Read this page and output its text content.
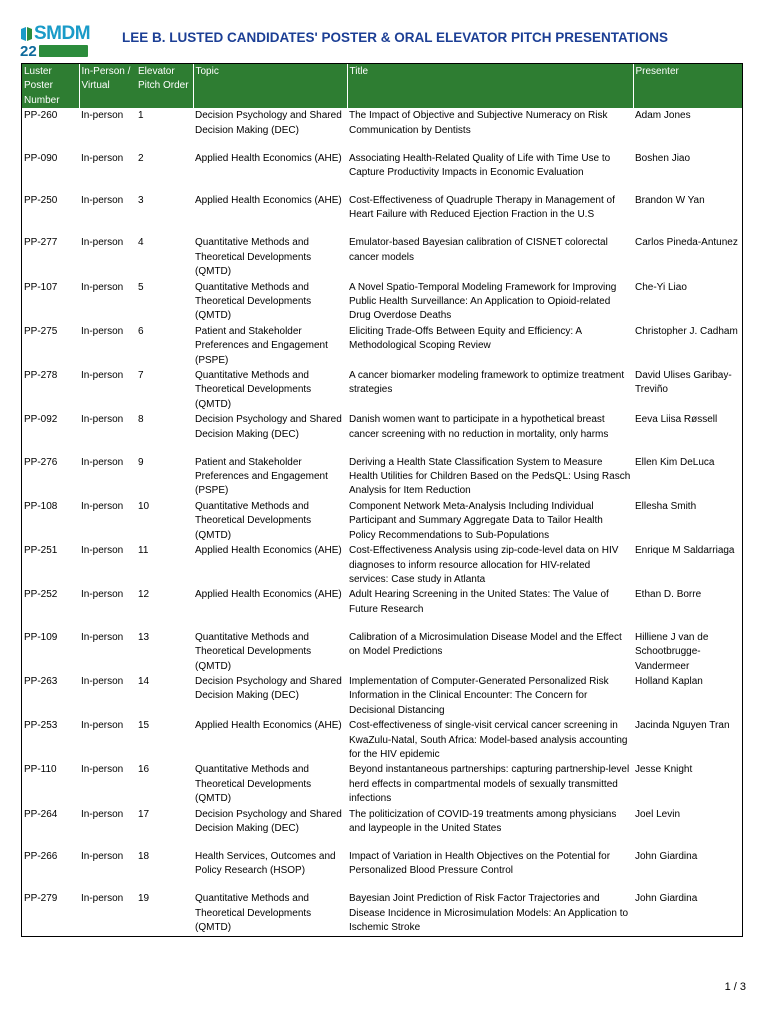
SMDM
22
LEE B. LUSTED CANDIDATES' POSTER & ORAL ELEVATOR PITCH PRESENTATIONS
Luster Poster Number	In-Person / Virtual	Elevator Pitch Order	Topic	Title	Presenter
PP-260	In-person	1	Decision Psychology and Shared Decision Making (DEC)	The Impact of Objective and Subjective Numeracy on Risk Communication by Dentists	Adam Jones
PP-090	In-person	2	Applied Health Economics (AHE)	Associating Health-Related Quality of Life with Time Use to Capture Productivity Impacts in Economic Evaluation	Boshen Jiao
PP-250	In-person	3	Applied Health Economics (AHE)	Cost-Effectiveness of Quadruple Therapy in Management of Heart Failure with Reduced Ejection Fraction in the U.S	Brandon W Yan
PP-277	In-person	4	Quantitative Methods and Theoretical Developments (QMTD)	Emulator-based Bayesian calibration of CISNET colorectal cancer models	Carlos Pineda-Antunez
PP-107	In-person	5	Quantitative Methods and Theoretical Developments (QMTD)	A Novel Spatio-Temporal Modeling Framework for Improving Public Health Surveillance: An Application to Opioid-related Drug Overdose Deaths	Che-Yi Liao
PP-275	In-person	6	Patient and Stakeholder Preferences and Engagement (PSPE)	Eliciting Trade-Offs Between Equity and Efficiency: A Methodological Scoping Review	Christopher J. Cadham
PP-278	In-person	7	Quantitative Methods and Theoretical Developments (QMTD)	A cancer biomarker modeling framework to optimize treatment strategies	David Ulises Garibay-Treviño
PP-092	In-person	8	Decision Psychology and Shared Decision Making (DEC)	Danish women want to participate in a hypothetical breast cancer screening with no reduction in mortality, only harms	Eeva Liisa Røssell
PP-276	In-person	9	Patient and Stakeholder Preferences and Engagement (PSPE)	Deriving a Health State Classification System to Measure Health Utilities for Children Based on the PedsQL: Using Rasch Analysis for Item Reduction	Ellen Kim DeLuca
PP-108	In-person	10	Quantitative Methods and Theoretical Developments (QMTD)	Component Network Meta-Analysis Including Individual Participant and Summary Aggregate Data to Tailor Health Policy Recommendations to Sub-Populations	Ellesha Smith
PP-251	In-person	11	Applied Health Economics (AHE)	Cost-Effectiveness Analysis using zip-code-level data on HIV diagnoses to inform resource allocation for HIV-related services: Case study in Atlanta	Enrique M Saldarriaga
PP-252	In-person	12	Applied Health Economics (AHE)	Adult Hearing Screening in the United States: The Value of Future Research	Ethan D. Borre
PP-109	In-person	13	Quantitative Methods and Theoretical Developments (QMTD)	Calibration of a Microsimulation Disease Model and the Effect on Model Predictions	Hilliene J van de Schootbrugge-Vandermeer
PP-263	In-person	14	Decision Psychology and Shared Decision Making (DEC)	Implementation of Computer-Generated Personalized Risk Information in the Clinical Encounter: The Concern for Decisional Distancing	Holland Kaplan
PP-253	In-person	15	Applied Health Economics (AHE)	Cost-effectiveness of single-visit cervical cancer screening in KwaZulu-Natal, South Africa: Model-based analysis accounting for the HIV epidemic	Jacinda Nguyen Tran
PP-110	In-person	16	Quantitative Methods and Theoretical Developments (QMTD)	Beyond instantaneous partnerships: capturing partnership-level herd effects in compartmental models of sexually transmitted infections	Jesse Knight
PP-264	In-person	17	Decision Psychology and Shared Decision Making (DEC)	The politicization of COVID-19 treatments among physicians and laypeople in the United States	Joel Levin
PP-266	In-person	18	Health Services, Outcomes and Policy Research (HSOP)	Impact of Variation in Health Objectives on the Potential for Personalized Blood Pressure Control	John Giardina
PP-279	In-person	19	Quantitative Methods and Theoretical Developments (QMTD)	Bayesian Joint Prediction of Risk Factor Trajectories and Disease Incidence in Microsimulation Models: An Application to Ischemic Stroke	John Giardina
1 / 3
